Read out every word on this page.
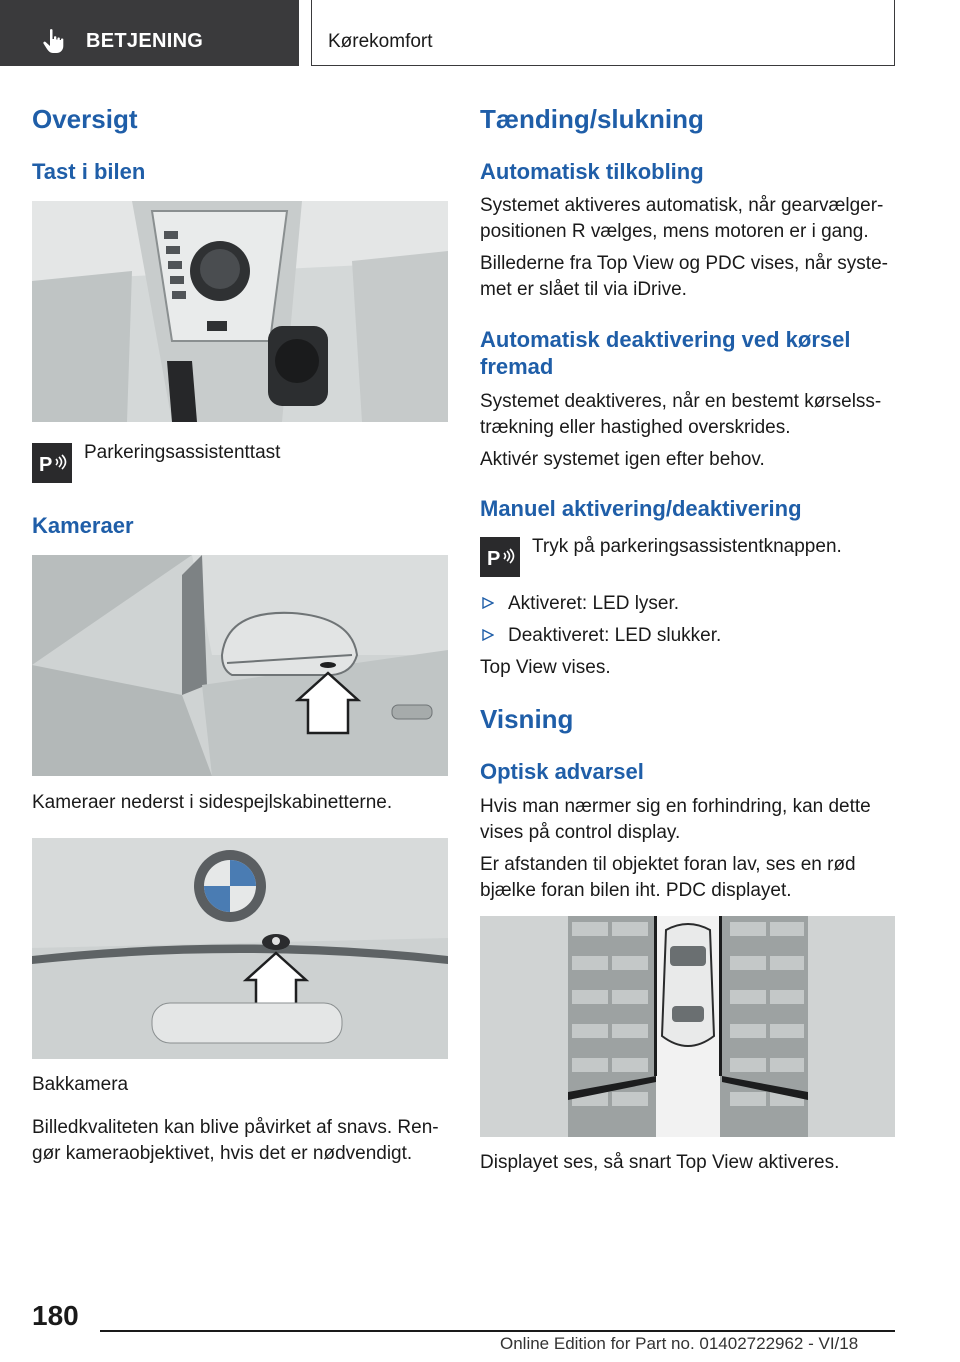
BETJENING	Kørekomfort
Oversigt
Tast i bilen
P
Parkeringsassistenttast
Kameraer
Kameraer nederst i sidespejlskabinetterne.
Bakkamera
Billedkvaliteten kan blive påvirket af snavs. Ren-
gør kameraobjektivet, hvis det er nødvendigt.
Tænding/slukning
Automatisk tilkobling
Systemet aktiveres automatisk, når gearvælger-
positionen R vælges, mens motoren er i gang.
Billederne fra Top View og PDC vises, når syste-
met er slået til via iDrive.
Automatisk deaktivering ved kørsel
fremad
Systemet deaktiveres, når en bestemt kørselss-
trækning eller hastighed overskrides.
Aktivér systemet igen efter behov.
Manuel aktivering/deaktivering
P
Tryk på parkeringsassistentknappen.
Aktiveret: LED lyser.
Deaktiveret: LED slukker.
Top View vises.
Visning
Optisk advarsel
Hvis man nærmer sig en forhindring, kan dette
vises på control display.
Er afstanden til objektet foran lav, ses en rød
bjælke foran bilen iht. PDC displayet.
Displayet ses, så snart Top View aktiveres.
180
Online Edition for Part no. 01402722962 - VI/18
